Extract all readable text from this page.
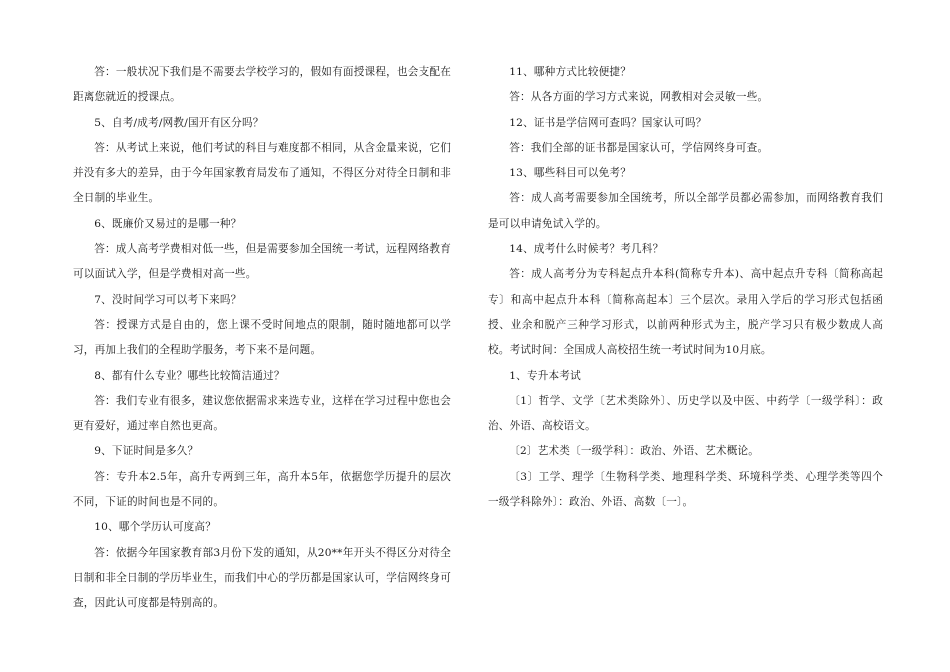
答：一般状况下我们是不需要去学校学习的，假如有面授课程，也会支配在距离您就近的授课点。

5、自考/成考/网教/国开有区分吗？

答：从考试上来说，他们考试的科目与难度都不相同，从含金量来说，它们并没有多大的差异，由于今年国家教育局发布了通知，不得区分对待全日制和非全日制的毕业生。

6、既廉价又易过的是哪一种？

答：成人高考学费相对低一些，但是需要参加全国统一考试，远程网络教育可以面试入学，但是学费相对高一些。

7、没时间学习可以考下来吗？

答：授课方式是自由的，您上课不受时间地点的限制，随时随地都可以学习，再加上我们的全程助学服务，考下来不是问题。

8、都有什么专业？哪些比较简洁通过？

答：我们专业有很多，建议您依据需求来选专业，这样在学习过程中您也会更有爱好，通过率自然也更高。

9、下证时间是多久？

答：专升本2.5年，高升专两到三年，高升本5年，依据您学历提升的层次不同，下证的时间也是不同的。

10、哪个学历认可度高？

答：依据今年国家教育部3月份下发的通知，从20**年开头不得区分对待全日制和非全日制的学历毕业生，而我们中心的学历都是国家认可，学信网终身可查，因此认可度都是特别高的。

11、哪种方式比较便捷？

答：从各方面的学习方式来说，网教相对会灵敏一些。

12、证书是学信网可查吗？国家认可吗？

答：我们全部的证书都是国家认可，学信网终身可查。

13、哪些科目可以免考？

答：成人高考需要参加全国统考，所以全部学员都必需参加，而网络教育我们是可以申请免试入学的。

14、成考什么时候考？考几科？

答：成人高考分为专科起点升本科(简称专升本)、高中起点升专科〔简称高起专〕和高中起点升本科〔简称高起本〕三个层次。录用入学后的学习形式包括函授、业余和脱产三种学习形式，以前两种形式为主，脱产学习只有极少数成人高校。考试时间：全国成人高校招生统一考试时间为10月底。

1、专升本考试

〔1〕哲学、文学〔艺术类除外〕、历史学以及中医、中药学〔一级学科〕：政治、外语、高校语文。

〔2〕艺术类〔一级学科〕：政治、外语、艺术概论。

〔3〕工学、理学〔生物科学类、地理科学类、环境科学类、心理学类等四个一级学科除外〕：政治、外语、高数〔一〕。
